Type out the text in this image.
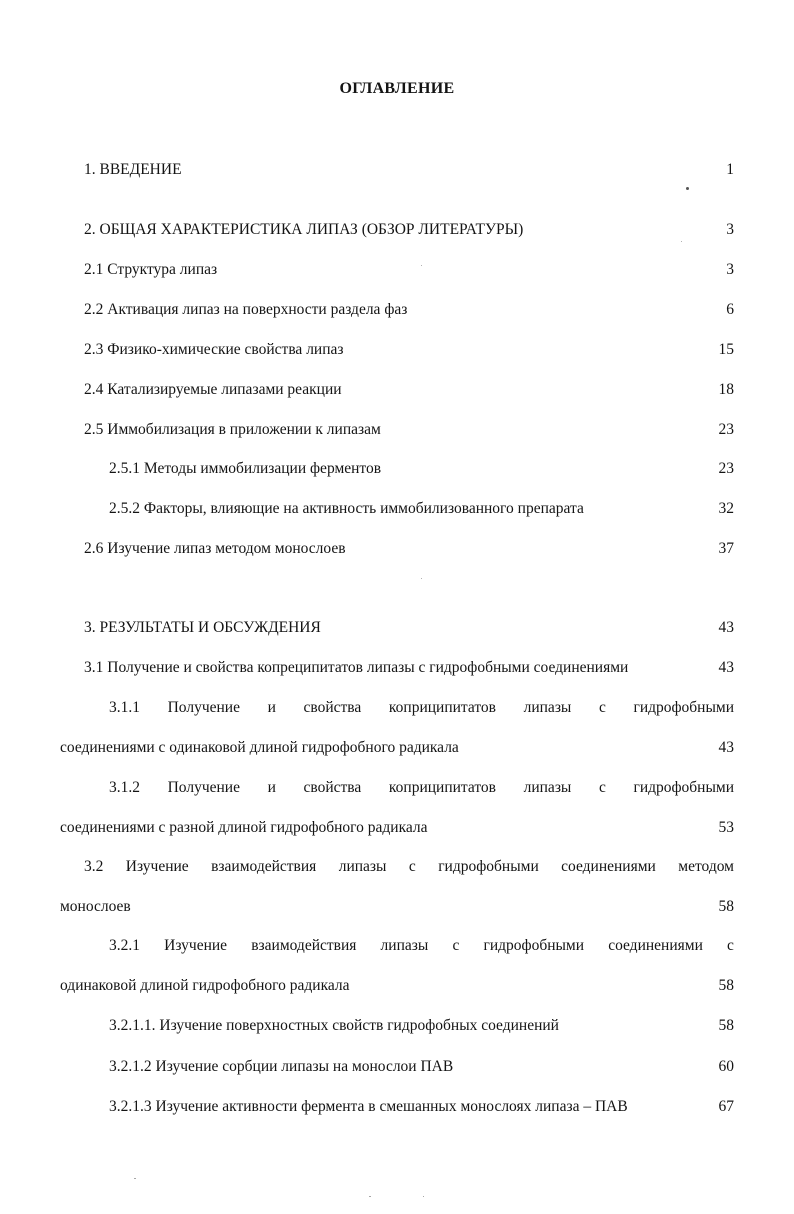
ОГЛАВЛЕНИЕ
1. ВВЕДЕНИЕ	1
2. ОБЩАЯ ХАРАКТЕРИСТИКА ЛИПАЗ (ОБЗОР ЛИТЕРАТУРЫ)	3
2.1 Структура липаз	3
2.2 Активация липаз на поверхности раздела фаз	6
2.3 Физико-химические свойства липаз	15
2.4 Катализируемые липазами реакции	18
2.5 Иммобилизация в приложении к липазам	23
2.5.1 Методы иммобилизации ферментов	23
2.5.2 Факторы, влияющие на активность иммобилизованного препарата	32
2.6 Изучение липаз методом монослоев	37
3. РЕЗУЛЬТАТЫ И ОБСУЖДЕНИЯ	43
3.1 Получение и свойства копреципитатов липазы с гидрофобными соединениями	43
3.1.1 Получение и свойства коприципитатов липазы с гидрофобными
соединениями с одинаковой длиной гидрофобного радикала	43
3.1.2 Получение и свойства коприципитатов липазы с гидрофобными
соединениями с разной длиной гидрофобного радикала	53
3.2 Изучение взаимодействия липазы с гидрофобными соединениями методом
монослоев	58
3.2.1 Изучение взаимодействия липазы с гидрофобными соединениями с
одинаковой длиной гидрофобного радикала	58
3.2.1.1. Изучение поверхностных свойств гидрофобных соединений	58
3.2.1.2 Изучение сорбции липазы на монослои ПАВ	60
3.2.1.3 Изучение активности фермента в смешанных монослоях липаза – ПАВ	67
